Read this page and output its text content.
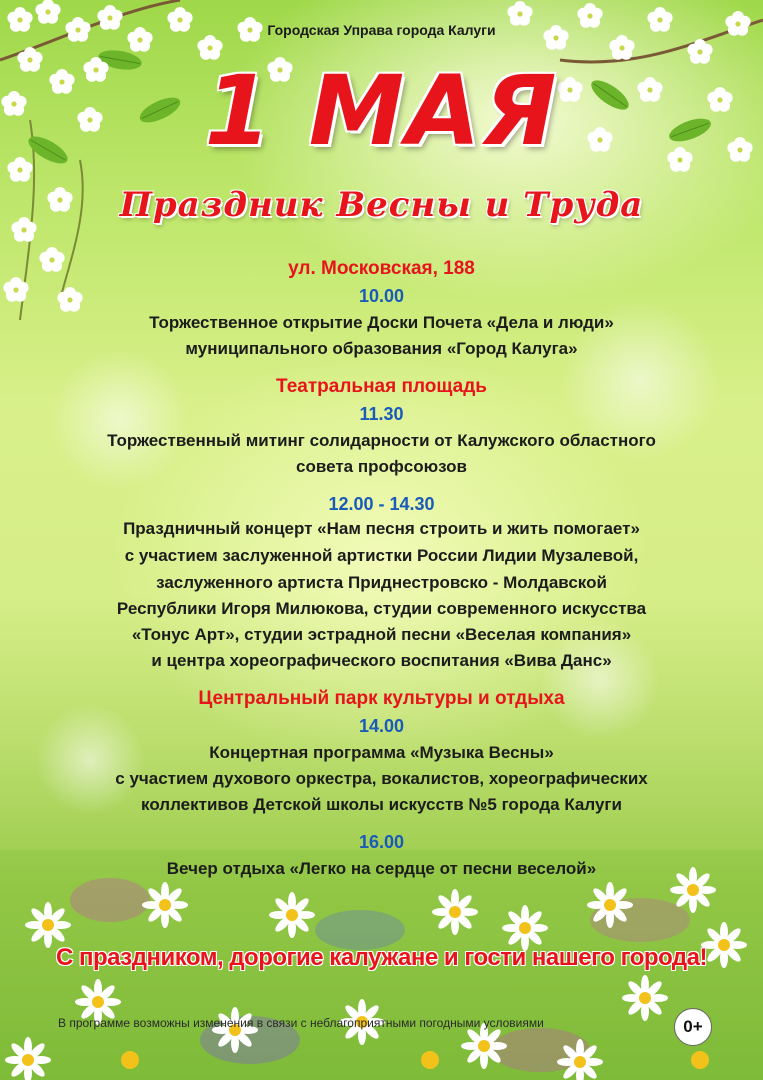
Городская Управа города Калуги
1 МАЯ
Праздник Весны и Труда
ул. Московская, 188
10.00
Торжественное открытие Доски Почета «Дела и люди»
муниципального образования «Город Калуга»
Театральная площадь
11.30
Торжественный митинг солидарности от Калужского областного
совета профсоюзов
12.00 - 14.30
Праздничный концерт «Нам песня строить и жить помогает»
с участием заслуженной артистки России Лидии Музалевой,
заслуженного артиста Приднестровско - Молдавской
Республики Игоря Милюкова, студии современного искусства
«Тонус Арт», студии эстрадной песни «Веселая компания»
и центра хореографического воспитания «Вива Данс»
Центральный парк культуры и отдыха
14.00
Концертная программа «Музыка Весны»
с участием духового оркестра, вокалистов, хореографических
коллективов Детской школы искусств №5 города Калуги
16.00
Вечер отдыха «Легко на сердце от песни веселой»
С праздником, дорогие калужане и гости нашего города!
В программе возможны изменения в связи с неблагоприятными погодными условиями	0+
